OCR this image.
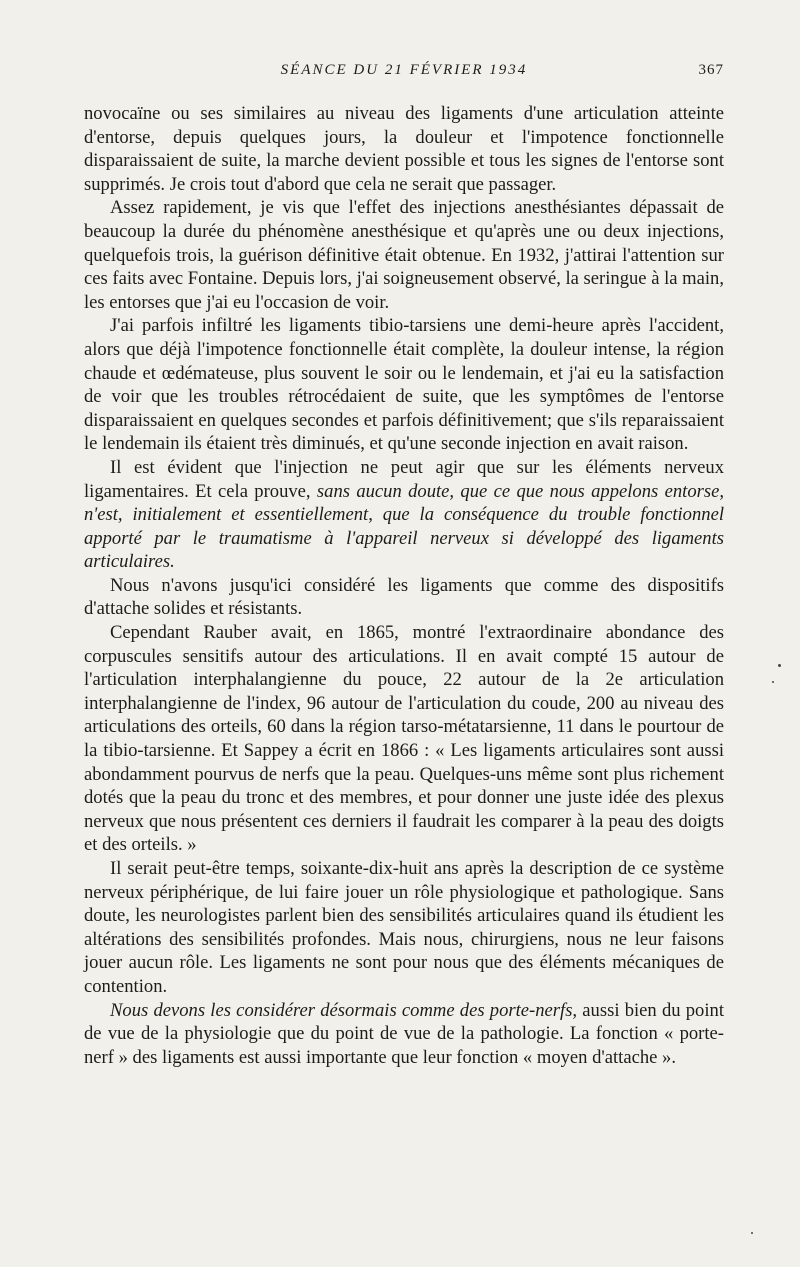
SÉANCE DU 21 FÉVRIER 1934	367

novocaïne ou ses similaires au niveau des ligaments d'une articulation atteinte d'entorse, depuis quelques jours, la douleur et l'impotence fonctionnelle disparaissaient de suite, la marche devient possible et tous les signes de l'entorse sont supprimés. Je crois tout d'abord que cela ne serait que passager.

Assez rapidement, je vis que l'effet des injections anesthésiantes dépassait de beaucoup la durée du phénomène anesthésique et qu'après une ou deux injections, quelquefois trois, la guérison définitive était obtenue. En 1932, j'attirai l'attention sur ces faits avec Fontaine. Depuis lors, j'ai soigneusement observé, la seringue à la main, les entorses que j'ai eu l'occasion de voir.

J'ai parfois infiltré les ligaments tibio-tarsiens une demi-heure après l'accident, alors que déjà l'impotence fonctionnelle était complète, la douleur intense, la région chaude et œdémateuse, plus souvent le soir ou le lendemain, et j'ai eu la satisfaction de voir que les troubles rétrocédaient de suite, que les symptômes de l'entorse disparaissaient en quelques secondes et parfois définitivement; que s'ils reparaissaient le lendemain ils étaient très diminués, et qu'une seconde injection en avait raison.

Il est évident que l'injection ne peut agir que sur les éléments nerveux ligamentaires. Et cela prouve, sans aucun doute, que ce que nous appelons entorse, n'est, initialement et essentiellement, que la conséquence du trouble fonctionnel apporté par le traumatisme à l'appareil nerveux si développé des ligaments articulaires.

Nous n'avons jusqu'ici considéré les ligaments que comme des dispositifs d'attache solides et résistants.

Cependant Rauber avait, en 1865, montré l'extraordinaire abondance des corpuscules sensitifs autour des articulations. Il en avait compté 15 autour de l'articulation interphalangienne du pouce, 22 autour de la 2e articulation interphalangienne de l'index, 96 autour de l'articulation du coude, 200 au niveau des articulations des orteils, 60 dans la région tarso-métatarsienne, 11 dans le pourtour de la tibio-tarsienne. Et Sappey a écrit en 1866 : « Les ligaments articulaires sont aussi abondamment pourvus de nerfs que la peau. Quelques-uns même sont plus richement dotés que la peau du tronc et des membres, et pour donner une juste idée des plexus nerveux que nous présentent ces derniers il faudrait les comparer à la peau des doigts et des orteils. »

Il serait peut-être temps, soixante-dix-huit ans après la description de ce système nerveux périphérique, de lui faire jouer un rôle physiologique et pathologique. Sans doute, les neurologistes parlent bien des sensibilités articulaires quand ils étudient les altérations des sensibilités profondes. Mais nous, chirurgiens, nous ne leur faisons jouer aucun rôle. Les ligaments ne sont pour nous que des éléments mécaniques de contention.

Nous devons les considérer désormais comme des porte-nerfs, aussi bien du point de vue de la physiologie que du point de vue de la pathologie. La fonction « porte-nerf » des ligaments est aussi importante que leur fonction « moyen d'attache ».
